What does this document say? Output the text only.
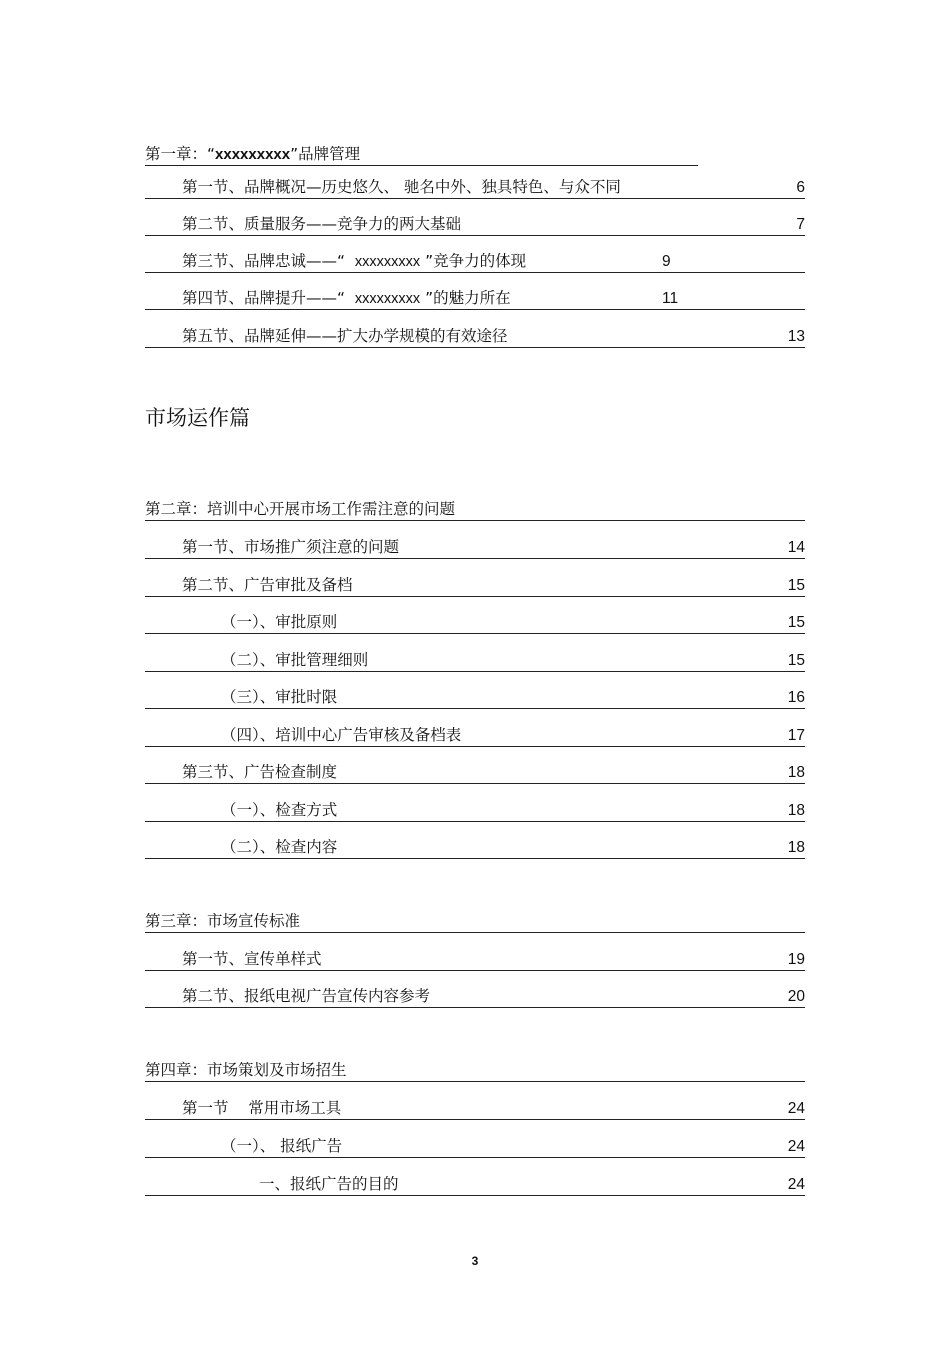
第一章：“xxxxxxxxx”品牌管理
第一节、品牌概况—历史悠久、 驰名中外、独具特色、与众不同	6
第二节、质量服务——竞争力的两大基础	7
第三节、品牌忠诚——“ xxxxxxxxx ”竞争力的体现	9
第四节、品牌提升——“ xxxxxxxxx ”的魅力所在	11
第五节、品牌延伸——扩大办学规模的有效途径	13
市场运作篇
第二章：培训中心开展市场工作需注意的问题
第一节、市场推广须注意的问题	14
第二节、广告审批及备档	15
（一）、审批原则	15
（二）、审批管理细则	15
（三）、审批时限	16
（四）、培训中心广告审核及备档表	17
第三节、广告检查制度	18
（一）、检查方式	18
（二）、检查内容	18
第三章：市场宣传标准
第一节、宣传单样式	19
第二节、报纸电视广告宣传内容参考	20
第四章：市场策划及市场招生
第一节    常用市场工具	24
（一）、 报纸广告	24
一、报纸广告的目的	24
3
